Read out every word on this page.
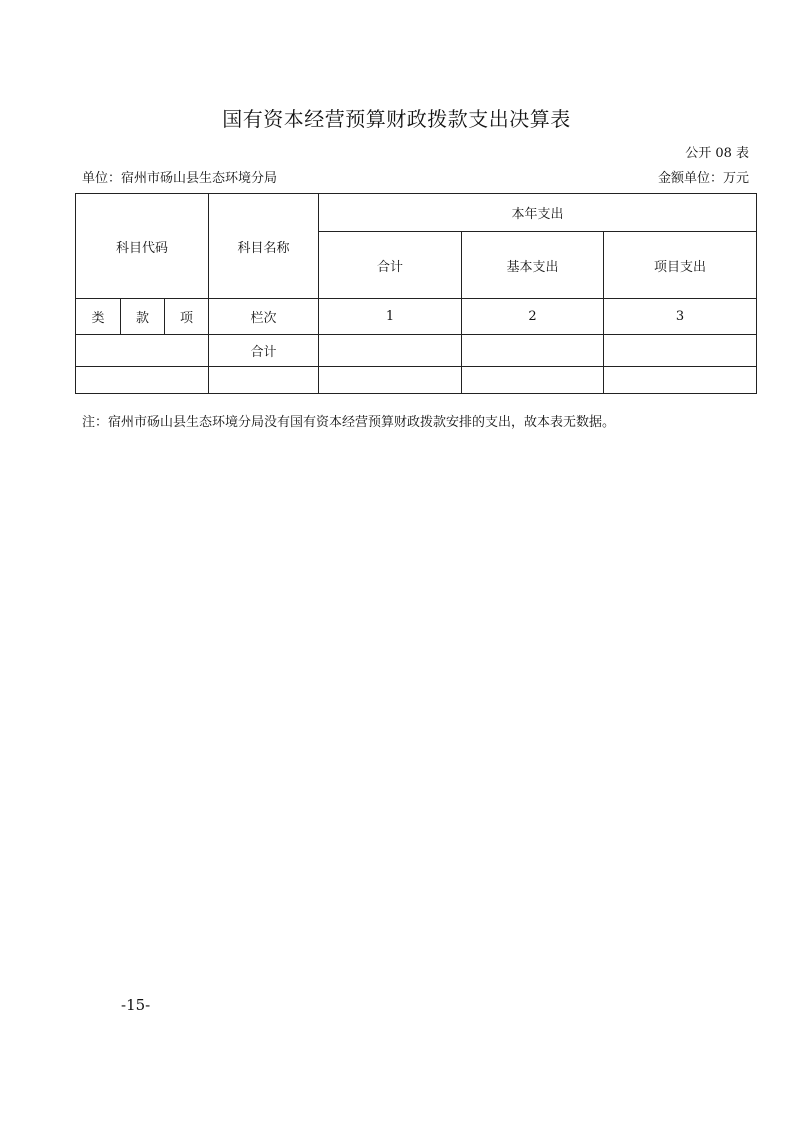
国有资本经营预算财政拨款支出决算表
公开 08 表
单位：宿州市砀山县生态环境分局	金额单位：万元
科目代码			科目名称	本年支出		
				合计	基本支出	项目支出
类	款	项	栏次	1	2	3
			合计			

注：宿州市砀山县生态环境分局没有国有资本经营预算财政拨款安排的支出，故本表无数据。
-15-
